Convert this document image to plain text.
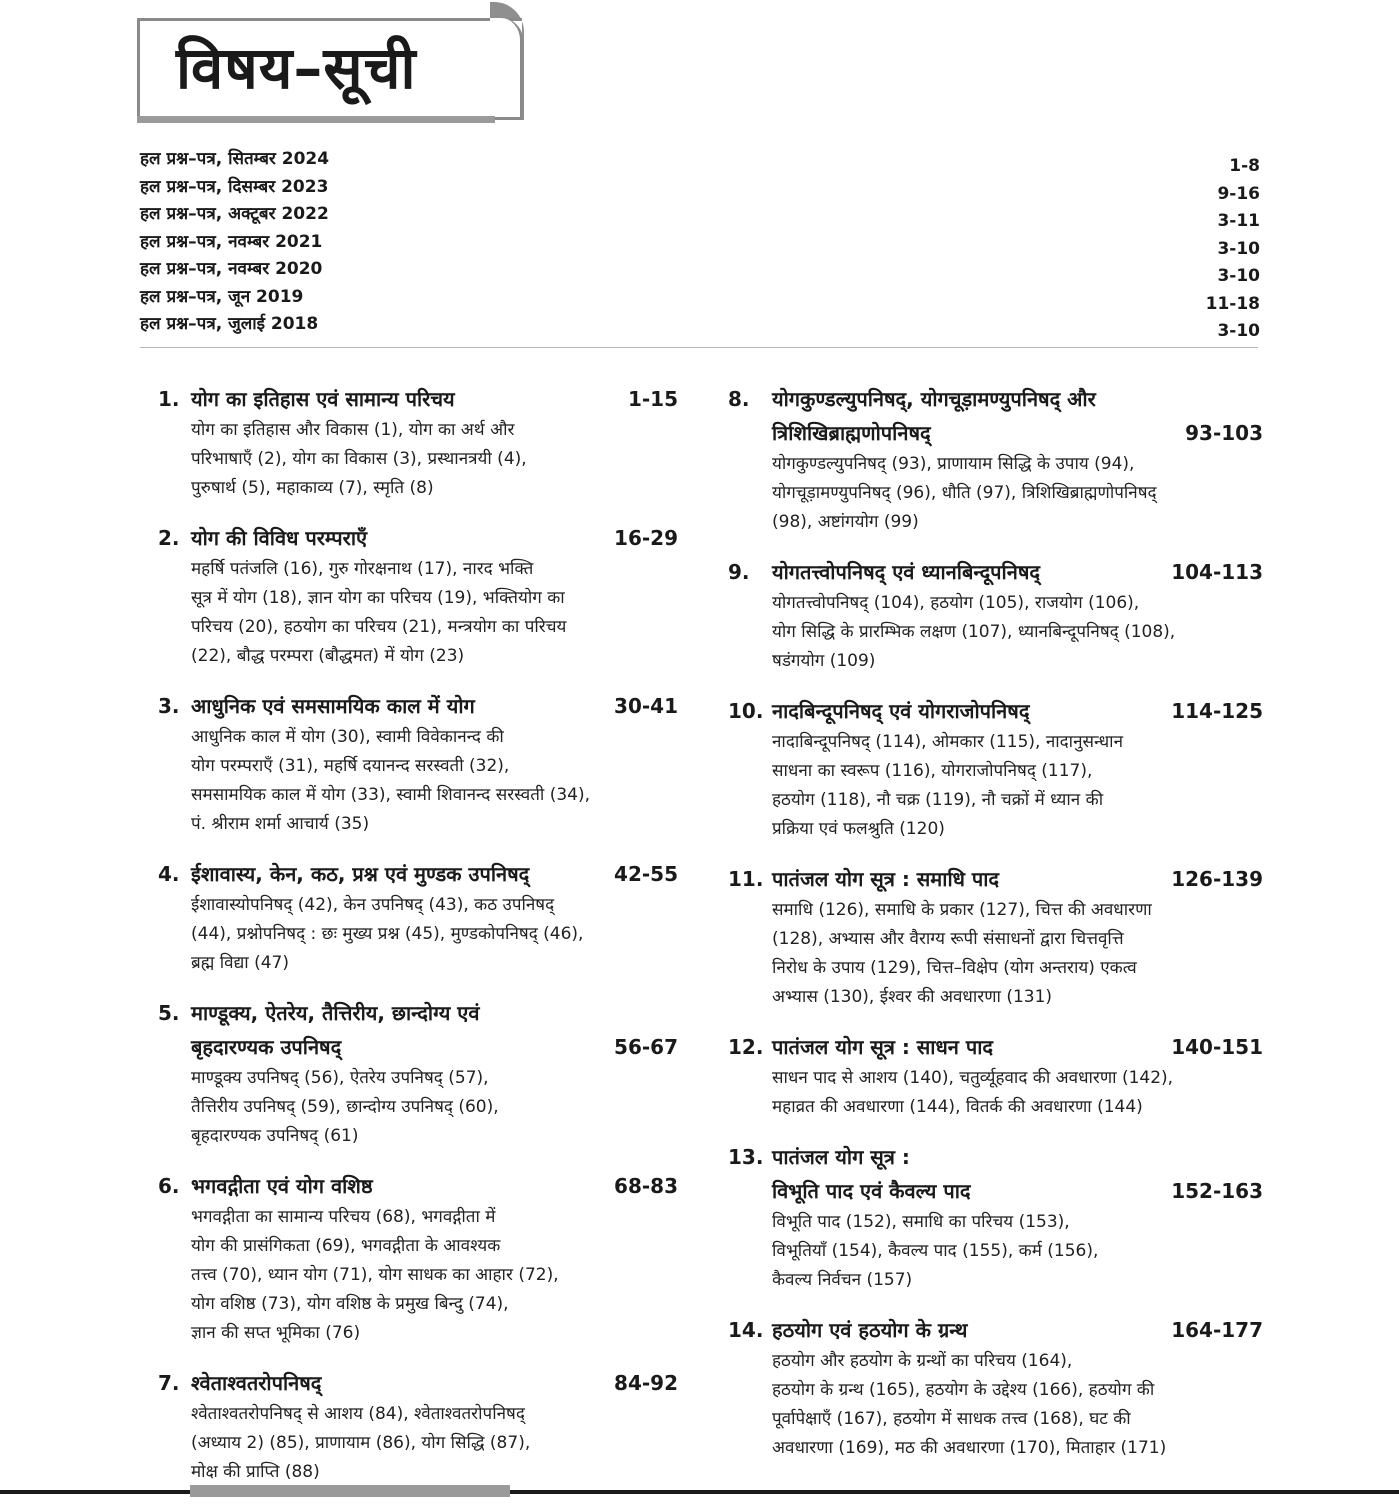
विषय–सूची
हल प्रश्न–पत्र, सितम्बर 2024	1-8
हल प्रश्न–पत्र, दिसम्बर 2023	9-16
हल प्रश्न–पत्र, अक्टूबर 2022	3-11
हल प्रश्न–पत्र, नवम्बर 2021	3-10
हल प्रश्न–पत्र, नवम्बर 2020	3-10
हल प्रश्न–पत्र, जून 2019	11-18
हल प्रश्न–पत्र, जुलाई 2018	3-10
1. योग का इतिहास एवं सामान्य परिचय	1-15
योग का इतिहास और विकास (1), योग का अर्थ और
परिभाषाएँ (2), योग का विकास (3), प्रस्थानत्रयी (4),
पुरुषार्थ (5), महाकाव्य (7), स्मृति (8)
2. योग की विविध परम्पराएँ	16-29
महर्षि पतंजलि (16), गुरु गोरक्षनाथ (17), नारद भक्ति
सूत्र में योग (18), ज्ञान योग का परिचय (19), भक्तियोग का
परिचय (20), हठयोग का परिचय (21), मन्त्रयोग का परिचय
(22), बौद्ध परम्परा (बौद्धमत) में योग (23)
3. आधुनिक एवं समसामयिक काल में योग	30-41
आधुनिक काल में योग (30), स्वामी विवेकानन्द की
योग परम्पराएँ (31), महर्षि दयानन्द सरस्वती (32),
समसामयिक काल में योग (33), स्वामी शिवानन्द सरस्वती (34),
पं. श्रीराम शर्मा आचार्य (35)
4. ईशावास्य, केन, कठ, प्रश्न एवं मुण्डक उपनिषद्	42-55
ईशावास्योपनिषद् (42), केन उपनिषद् (43), कठ उपनिषद्
(44), प्रश्नोपनिषद् : छः मुख्य प्रश्न (45), मुण्डकोपनिषद् (46),
ब्रह्म विद्या (47)
5. माण्डूक्य, ऐतरेय, तैत्तिरीय, छान्दोग्य एवं
बृहदारण्यक उपनिषद्	56-67
माण्डूक्य उपनिषद् (56), ऐतरेय उपनिषद् (57),
तैत्तिरीय उपनिषद् (59), छान्दोग्य उपनिषद् (60),
बृहदारण्यक उपनिषद् (61)
6. भगवद्गीता एवं योग वशिष्ठ	68-83
भगवद्गीता का सामान्य परिचय (68), भगवद्गीता में
योग की प्रासंगिकता (69), भगवद्गीता के आवश्यक
तत्त्व (70), ध्यान योग (71), योग साधक का आहार (72),
योग वशिष्ठ (73), योग वशिष्ठ के प्रमुख बिन्दु (74),
ज्ञान की सप्त भूमिका (76)
7. श्वेताश्वतरोपनिषद्	84-92
श्वेताश्वतरोपनिषद् से आशय (84), श्वेताश्वतरोपनिषद्
(अध्याय 2) (85), प्राणायाम (86), योग सिद्धि (87),
मोक्ष की प्राप्ति (88)
8. योगकुण्डल्युपनिषद्, योगचूड़ामण्युपनिषद् और
त्रिशिखिब्राह्मणोपनिषद्	93-103
योगकुण्डल्युपनिषद् (93), प्राणायाम सिद्धि के उपाय (94),
योगचूड़ामण्युपनिषद् (96), धौति (97), त्रिशिखिब्राह्मणोपनिषद्
(98), अष्टांगयोग (99)
9. योगतत्त्वोपनिषद् एवं ध्यानबिन्दूपनिषद्	104-113
योगतत्त्वोपनिषद् (104), हठयोग (105), राजयोग (106),
योग सिद्धि के प्रारम्भिक लक्षण (107), ध्यानबिन्दूपनिषद् (108),
षडंगयोग (109)
10. नादबिन्दूपनिषद् एवं योगराजोपनिषद्	114-125
नादाबिन्दूपनिषद् (114), ओमकार (115), नादानुसन्धान
साधना का स्वरूप (116), योगराजोपनिषद् (117),
हठयोग (118), नौ चक्र (119), नौ चक्रों में ध्यान की
प्रक्रिया एवं फलश्रुति (120)
11. पातंजल योग सूत्र : समाधि पाद	126-139
समाधि (126), समाधि के प्रकार (127), चित्त की अवधारणा
(128), अभ्यास और वैराग्य रूपी संसाधनों द्वारा चित्तवृत्ति
निरोध के उपाय (129), चित्त–विक्षेप (योग अन्तराय) एकत्व
अभ्यास (130), ईश्वर की अवधारणा (131)
12. पातंजल योग सूत्र : साधन पाद	140-151
साधन पाद से आशय (140), चतुर्व्यूहवाद की अवधारणा (142),
महाव्रत की अवधारणा (144), वितर्क की अवधारणा (144)
13. पातंजल योग सूत्र :
विभूति पाद एवं कैवल्य पाद	152-163
विभूति पाद (152), समाधि का परिचय (153),
विभूतियाँ (154), कैवल्य पाद (155), कर्म (156),
कैवल्य निर्वचन (157)
14. हठयोग एवं हठयोग के ग्रन्थ	164-177
हठयोग और हठयोग के ग्रन्थों का परिचय (164),
हठयोग के ग्रन्थ (165), हठयोग के उद्देश्य (166), हठयोग की
पूर्वापेक्षाएँ (167), हठयोग में साधक तत्त्व (168), घट की
अवधारणा (169), मठ की अवधारणा (170), मिताहार (171)
